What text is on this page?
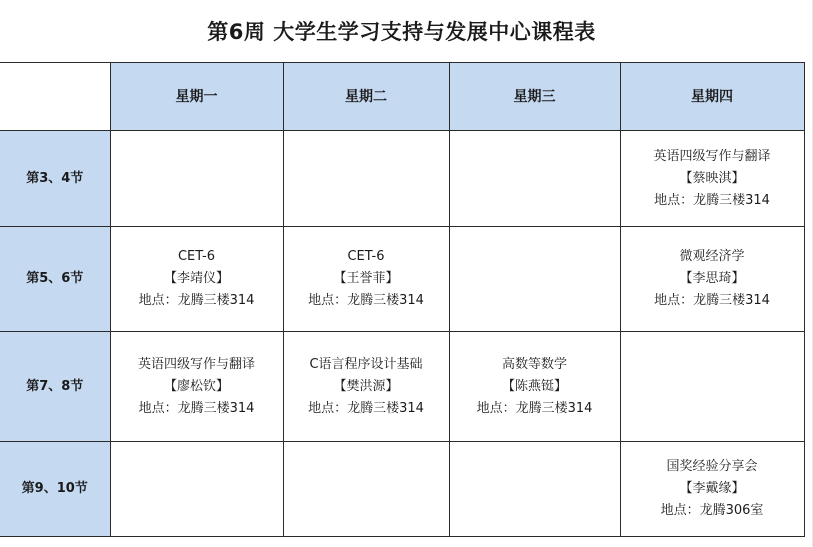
第6周 大学生学习支持与发展中心课程表
	星期一	星期二	星期三	星期四
第3、4节				英语四级写作与翻译
【蔡映淇】
地点：龙腾三楼314

第5、6节	CET-6
【李靖仪】
地点：龙腾三楼314	CET-6
【王誉菲】
地点：龙腾三楼314		微观经济学
【李思琦】
地点：龙腾三楼314

第7、8节	英语四级写作与翻译
【廖松钦】
地点：龙腾三楼314	C语言程序设计基础
【樊洪源】
地点：龙腾三楼314	高数等数学
【陈燕铤】
地点：龙腾三楼314	

第9、10节				国奖经验分享会
【李戴缘】
地点：龙腾306室
